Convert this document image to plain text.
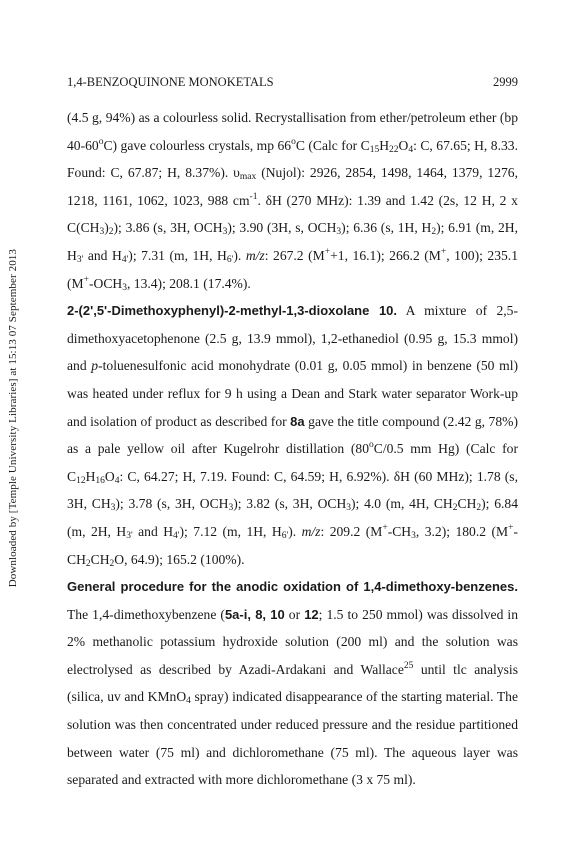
Downloaded by [Temple University Libraries] at 15:13 07 September 2013
1,4-BENZOQUINONE MONOKETALS	2999

(4.5 g, 94%) as a colourless solid. Recrystallisation from ether/petroleum ether (bp 40-60$^o$C) gave colourless crystals, mp 66$^o$C (Calc for $C_{15}H_{22}O_4$: C, 67.65; H, 8.33. Found: C, 67.87; H, 8.37%). $\upsilon_{max}$ (Nujol): 2926, 2854, 1498, 1464, 1379, 1276, 1218, 1161, 1062, 1023, 988 $cm^{-1}$. δH (270 MHz): 1.39 and 1.42 (2s, 12 H, 2 x $C(CH_3)_2$); 3.86 (s, 3H, $OCH_3$); 3.90 (3H, s, $OCH_3$); 6.36 (s, 1H, $H_2$); 6.91 (m, 2H, $H_{3'}$ and $H_{4'}$); 7.31 (m, 1H, $H_{6'}$). m/z: 267.2 (M++1, 16.1); 266.2 (M+, 100); 235.1 ($M^+-OCH_3$, 13.4); 208.1 (17.4%).

2-(2',5'-Dimethoxyphenyl)-2-methyl-1,3-dioxolane 10. A mixture of 2,5-dimethoxyacetophenone (2.5 g, 13.9 mmol), 1,2-ethanediol (0.95 g, 15.3 mmol) and p-toluenesulfonic acid monohydrate (0.01 g, 0.05 mmol) in benzene (50 ml) was heated under reflux for 9 h using a Dean and Stark water separator Work-up and isolation of product as described for 8a gave the title compound (2.42 g, 78%) as a pale yellow oil after Kugelrohr distillation (80$^o$C/0.5 mm Hg) (Calc for $C_{12}H_{16}O_4$: C, 64.27; H, 7.19. Found: C, 64.59; H, 6.92%). δH (60 MHz); 1.78 (s, 3H, $CH_3$); 3.78 (s, 3H, $OCH_3$); 3.82 (s, 3H, $OCH_3$); 4.0 (m, 4H, $CH_2CH_2$); 6.84 (m, 2H, $H_{3'}$ and $H_{4'}$); 7.12 (m, 1H, $H_{6'}$). m/z: 209.2 ($M^+-CH_3$, 3.2); 180.2 (M+- $CH_2CH_2O$, 64.9); 165.2 (100%).

General procedure for the anodic oxidation of 1,4-dimethoxy-benzenes. The 1,4-dimethoxybenzene (5a-i, 8, 10 or 12; 1.5 to 250 mmol) was dissolved in 2% methanolic potassium hydroxide solution (200 ml) and the solution was electrolysed as described by Azadi-Ardakani and Wallace$^{25}$ until tlc analysis (silica, uv and KMnO$_4$ spray) indicated disappearance of the starting material. The solution was then concentrated under reduced pressure and the residue partitioned between water (75 ml) and dichloromethane (75 ml). The aqueous layer was separated and extracted with more dichloromethane (3 x 75 ml).
